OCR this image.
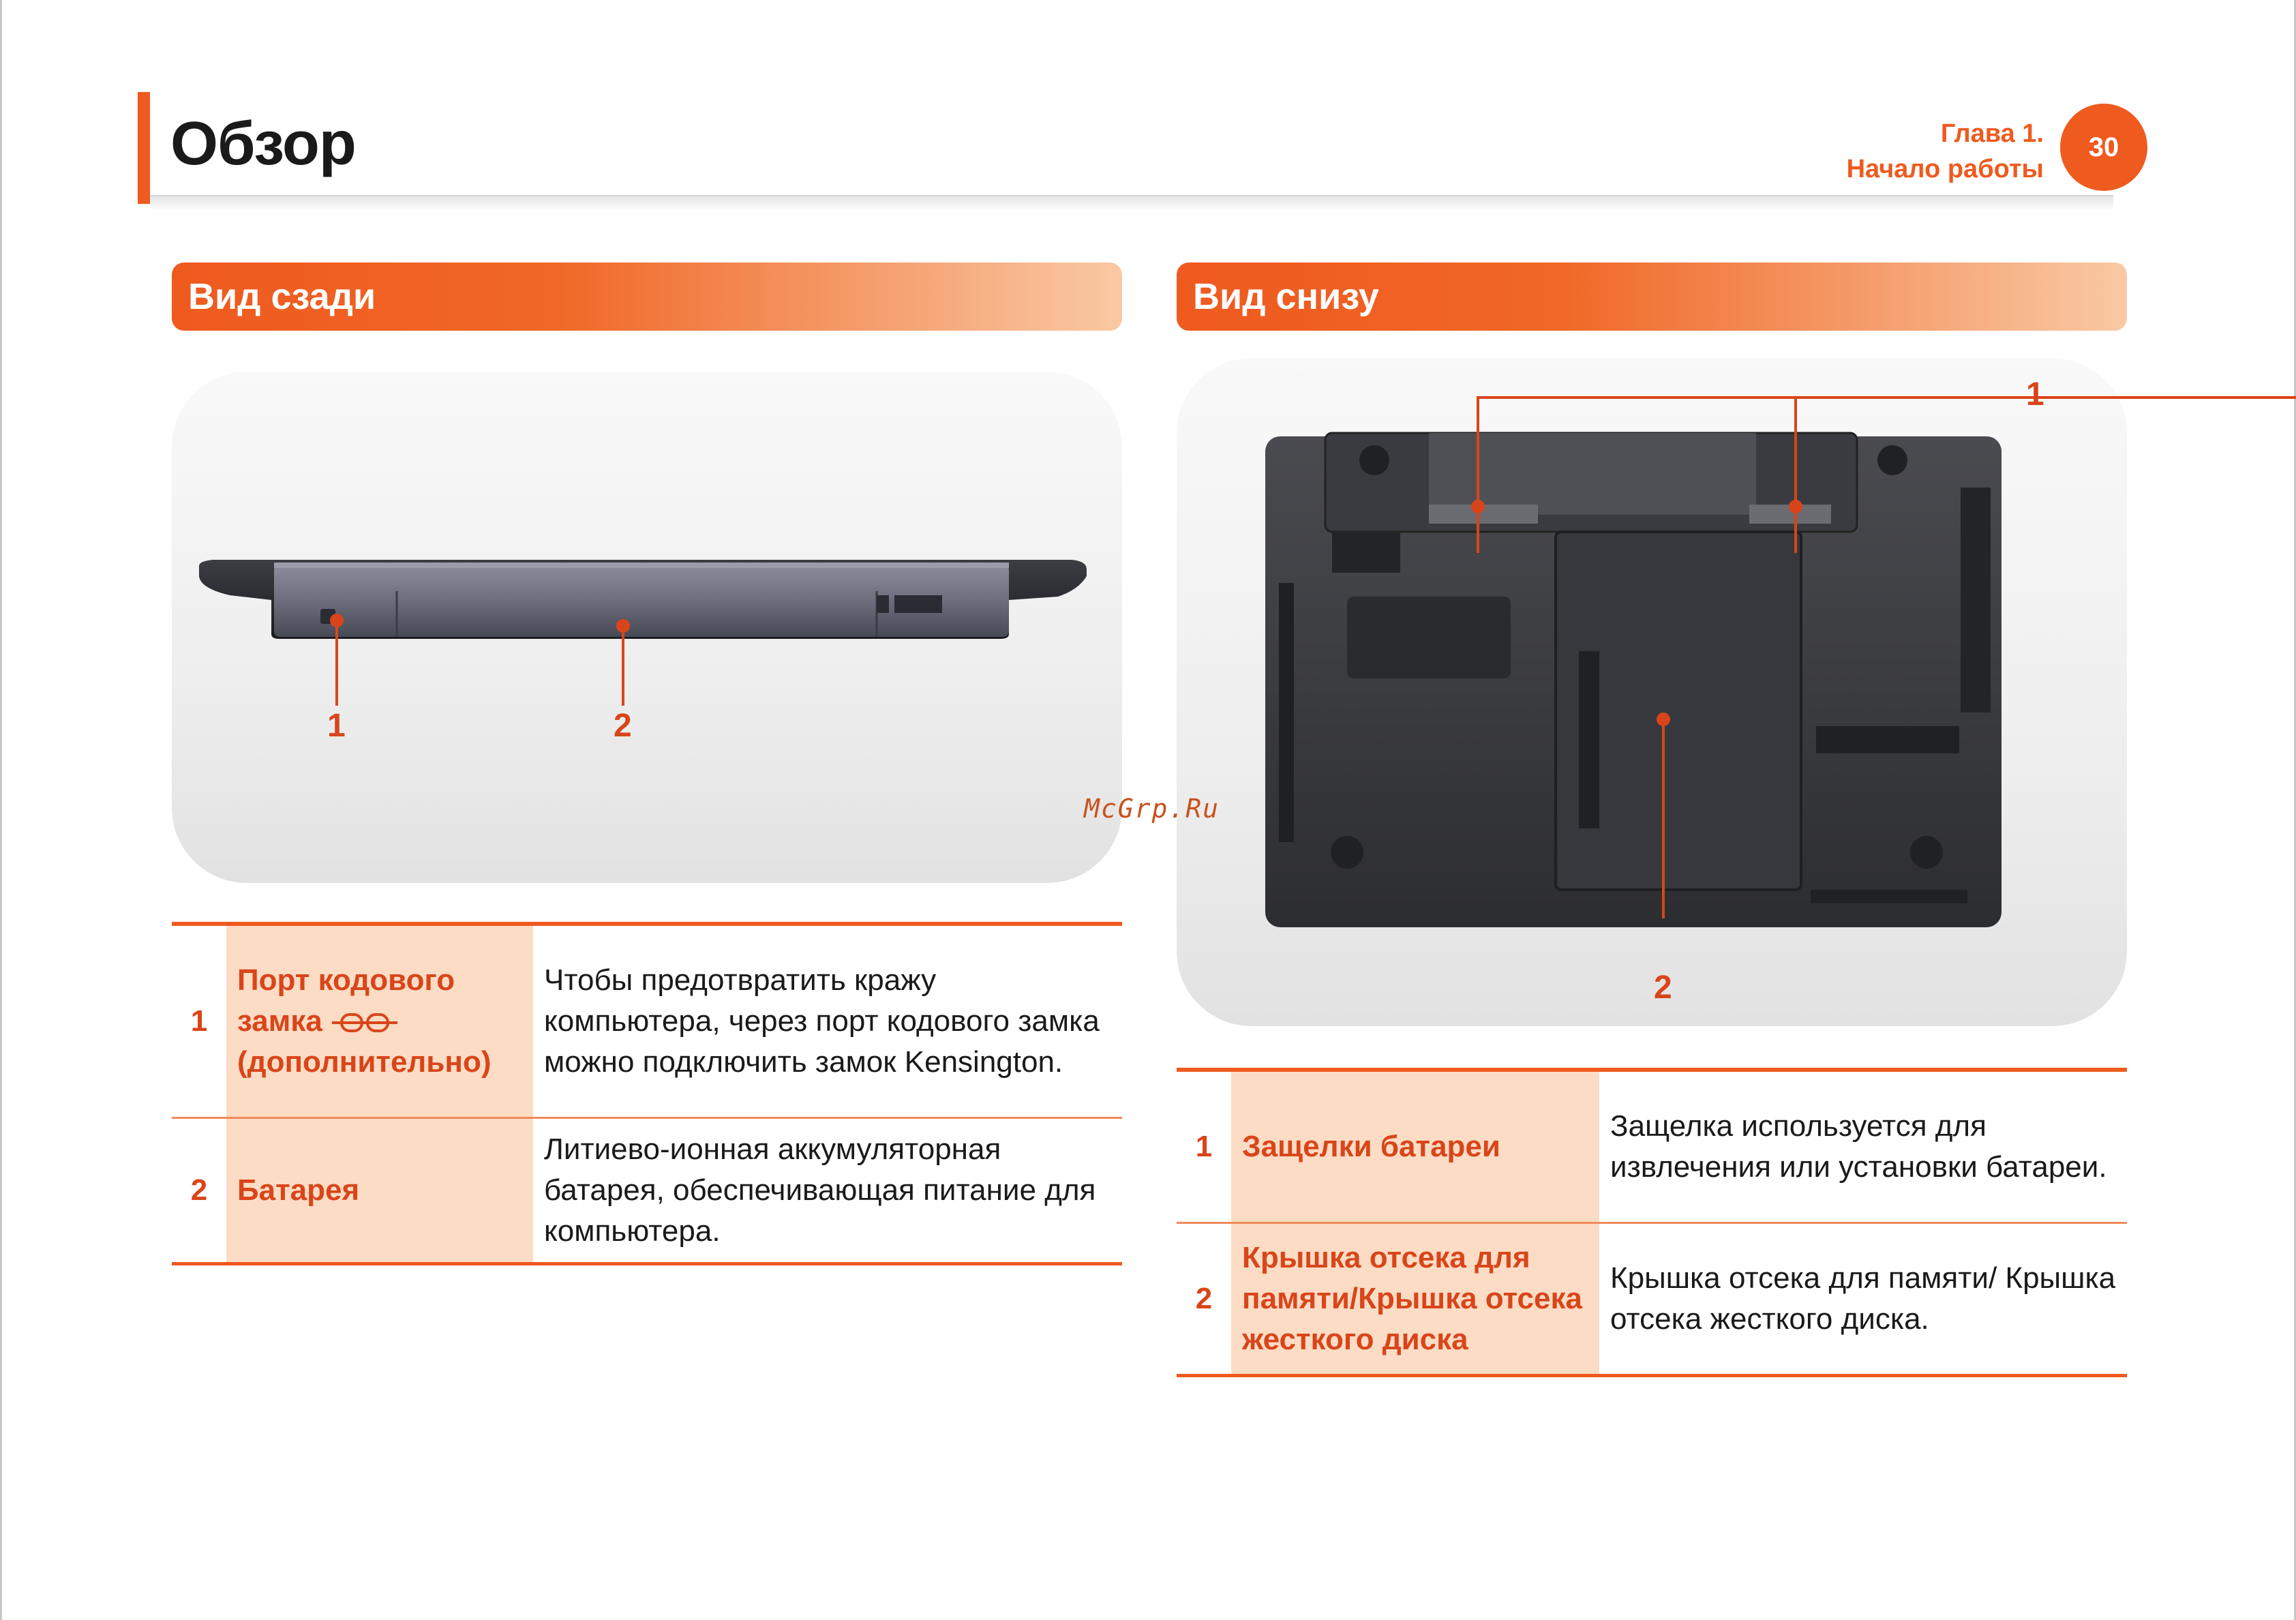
Обзор	Глава 1.
Начало работы
30
Вид сзади
1	2
1
Порт кодового замка
(дополнительно)
Чтобы предотвратить кражу компьютера, через порт кодового замка можно подключить замок Kensington.
2 Батарея
Литиево-ионная аккумуляторная батарея, обеспечивающая питание для компьютера.
Вид снизу
1
2
1 Защелки батареи
Защелка используется для извлечения или установки батареи.
2
Крышка отсека для памяти/Крышка отсека жесткого диска
Крышка отсека для памяти/ Крышка отсека жесткого диска.
McGrp.Ru
